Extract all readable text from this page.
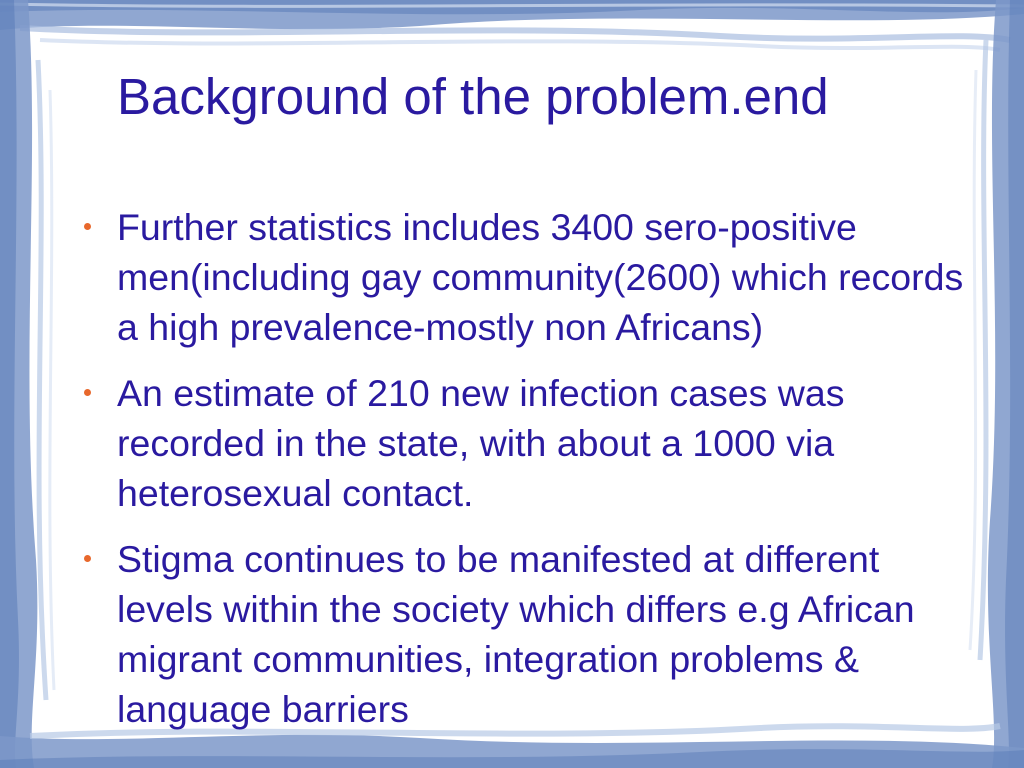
Background of the problem.end
Further statistics includes 3400 sero-positive men(including gay community(2600) which records a high prevalence-mostly non Africans)
An estimate of 210 new infection cases was recorded in the state, with about a 1000 via heterosexual contact.
Stigma continues to be manifested at different levels within the society which differs e.g African migrant communities, integration problems & language barriers
